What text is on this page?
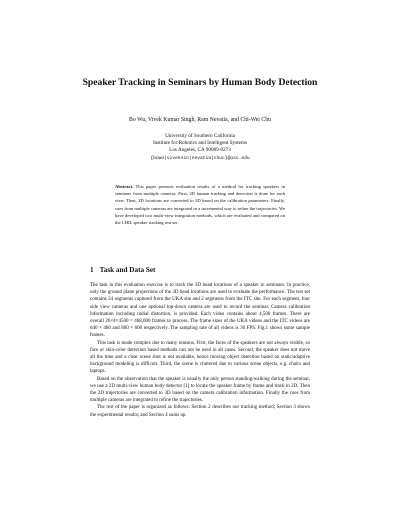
Speaker Tracking in Seminars by Human Body Detection
Bo Wu, Vivek Kumar Singh, Ram Nevatia, and Chi-Wei Chu
University of Southern California
Institute for Robotics and Intelligent Systems
Los Angeles, CA 90089-0273
{bowu|viveksin|nevatia|chuc}@usc.edu
Abstract. This paper presents evaluation results of a method for tracking speakers in seminars from multiple cameras. First, 2D human tracking and detection is done for each view. Then, 2D locations are converted to 3D based on the calibration parameters. Finally, cues from multiple cameras are integrated in a incremental way to refine the trajectories. We have developed two multi-view integration methods, which are evaluated and compared on the CHIL speaker tracking test set.
1 Task and Data Set

The task in this evaluation exercise is to track the 3D head locations of a speaker in seminars. In practice, only the ground plane projections of the 3D head locations are used to evaluate the performance. The test set contains 24 segments captured from the UKA site and 2 segments from the ITC site. For each segment, four side view cameras and one optional top-down camera are used to record the seminar. Camera calibration information including radial distortion, is provided. Each video contains about 4,500 frames. There are overall 26×4×4500 = 468,000 frames to process. The frame sizes of the UKA videos and the ITC videos are 640 × 480 and 800 × 600 respectively. The sampling rate of all videos is 30 FPS. Fig.1 shows some sample frames.

This task is made complex due to many reasons. First, the faces of the speakers are not always visible, so face or skin-color detection based methods can not be used in all cases. Second, the speaker does not move all the time and a clear scene shot is not available, hence moving object detection based on static/adaptive background modeling is difficult. Third, the scene is cluttered due to various scene objects, e.g. chairs and laptops.

Based on the observation that the speaker is usually the only person standing/walking during the seminar, we use a 2D multi-view human body detector [1] to locate the speaker frame by frame and track in 2D. Then the 2D trajectories are converted to 3D based on the camera calibration information. Finally the cues from multiple cameras are integrated to refine the trajectories.

The rest of the paper is organized as follows: Section 2 describes our tracking method; Section 3 shows the experimental results; and Section 4 sums up.
